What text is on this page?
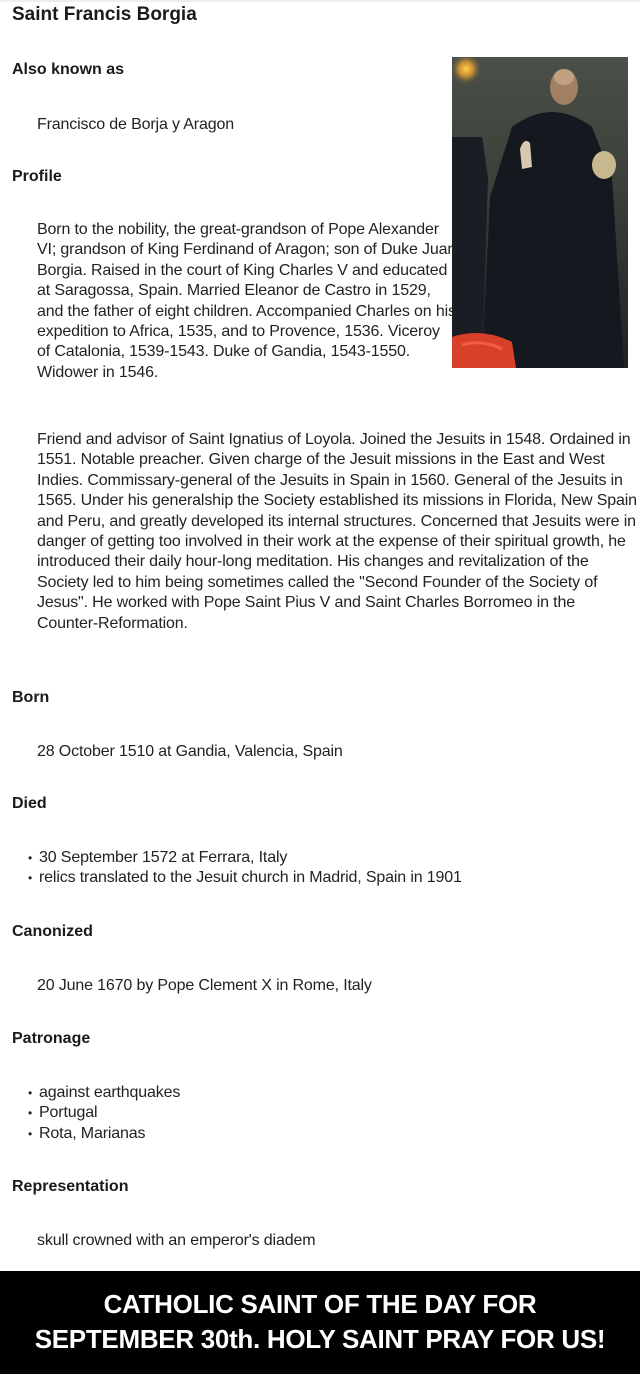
Saint Francis Borgia
Also known as
Francisco de Borja y Aragon
Profile
Born to the nobility, the great-grandson of Pope Alexander VI; grandson of King Ferdinand of Aragon; son of Duke Juan Borgia. Raised in the court of King Charles V and educated at Saragossa, Spain. Married Eleanor de Castro in 1529, and the father of eight children. Accompanied Charles on his expedition to Africa, 1535, and to Provence, 1536. Viceroy of Catalonia, 1539-1543. Duke of Gandia, 1543-1550. Widower in 1546.
Friend and advisor of Saint Ignatius of Loyola. Joined the Jesuits in 1548. Ordained in 1551. Notable preacher. Given charge of the Jesuit missions in the East and West Indies. Commissary-general of the Jesuits in Spain in 1560. General of the Jesuits in 1565. Under his generalship the Society established its missions in Florida, New Spain and Peru, and greatly developed its internal structures. Concerned that Jesuits were in danger of getting too involved in their work at the expense of their spiritual growth, he introduced their daily hour-long meditation. His changes and revitalization of the Society led to him being sometimes called the "Second Founder of the Society of Jesus". He worked with Pope Saint Pius V and Saint Charles Borromeo in the Counter-Reformation.
Born
28 October 1510 at Gandia, Valencia, Spain
Died
• 30 September 1572 at Ferrara, Italy
• relics translated to the Jesuit church in Madrid, Spain in 1901
Canonized
20 June 1670 by Pope Clement X in Rome, Italy
Patronage
• against earthquakes
• Portugal
• Rota, Marianas
Representation
skull crowned with an emperor's diadem
CATHOLIC SAINT OF THE DAY FOR
SEPTEMBER 30th. HOLY SAINT PRAY FOR US!
